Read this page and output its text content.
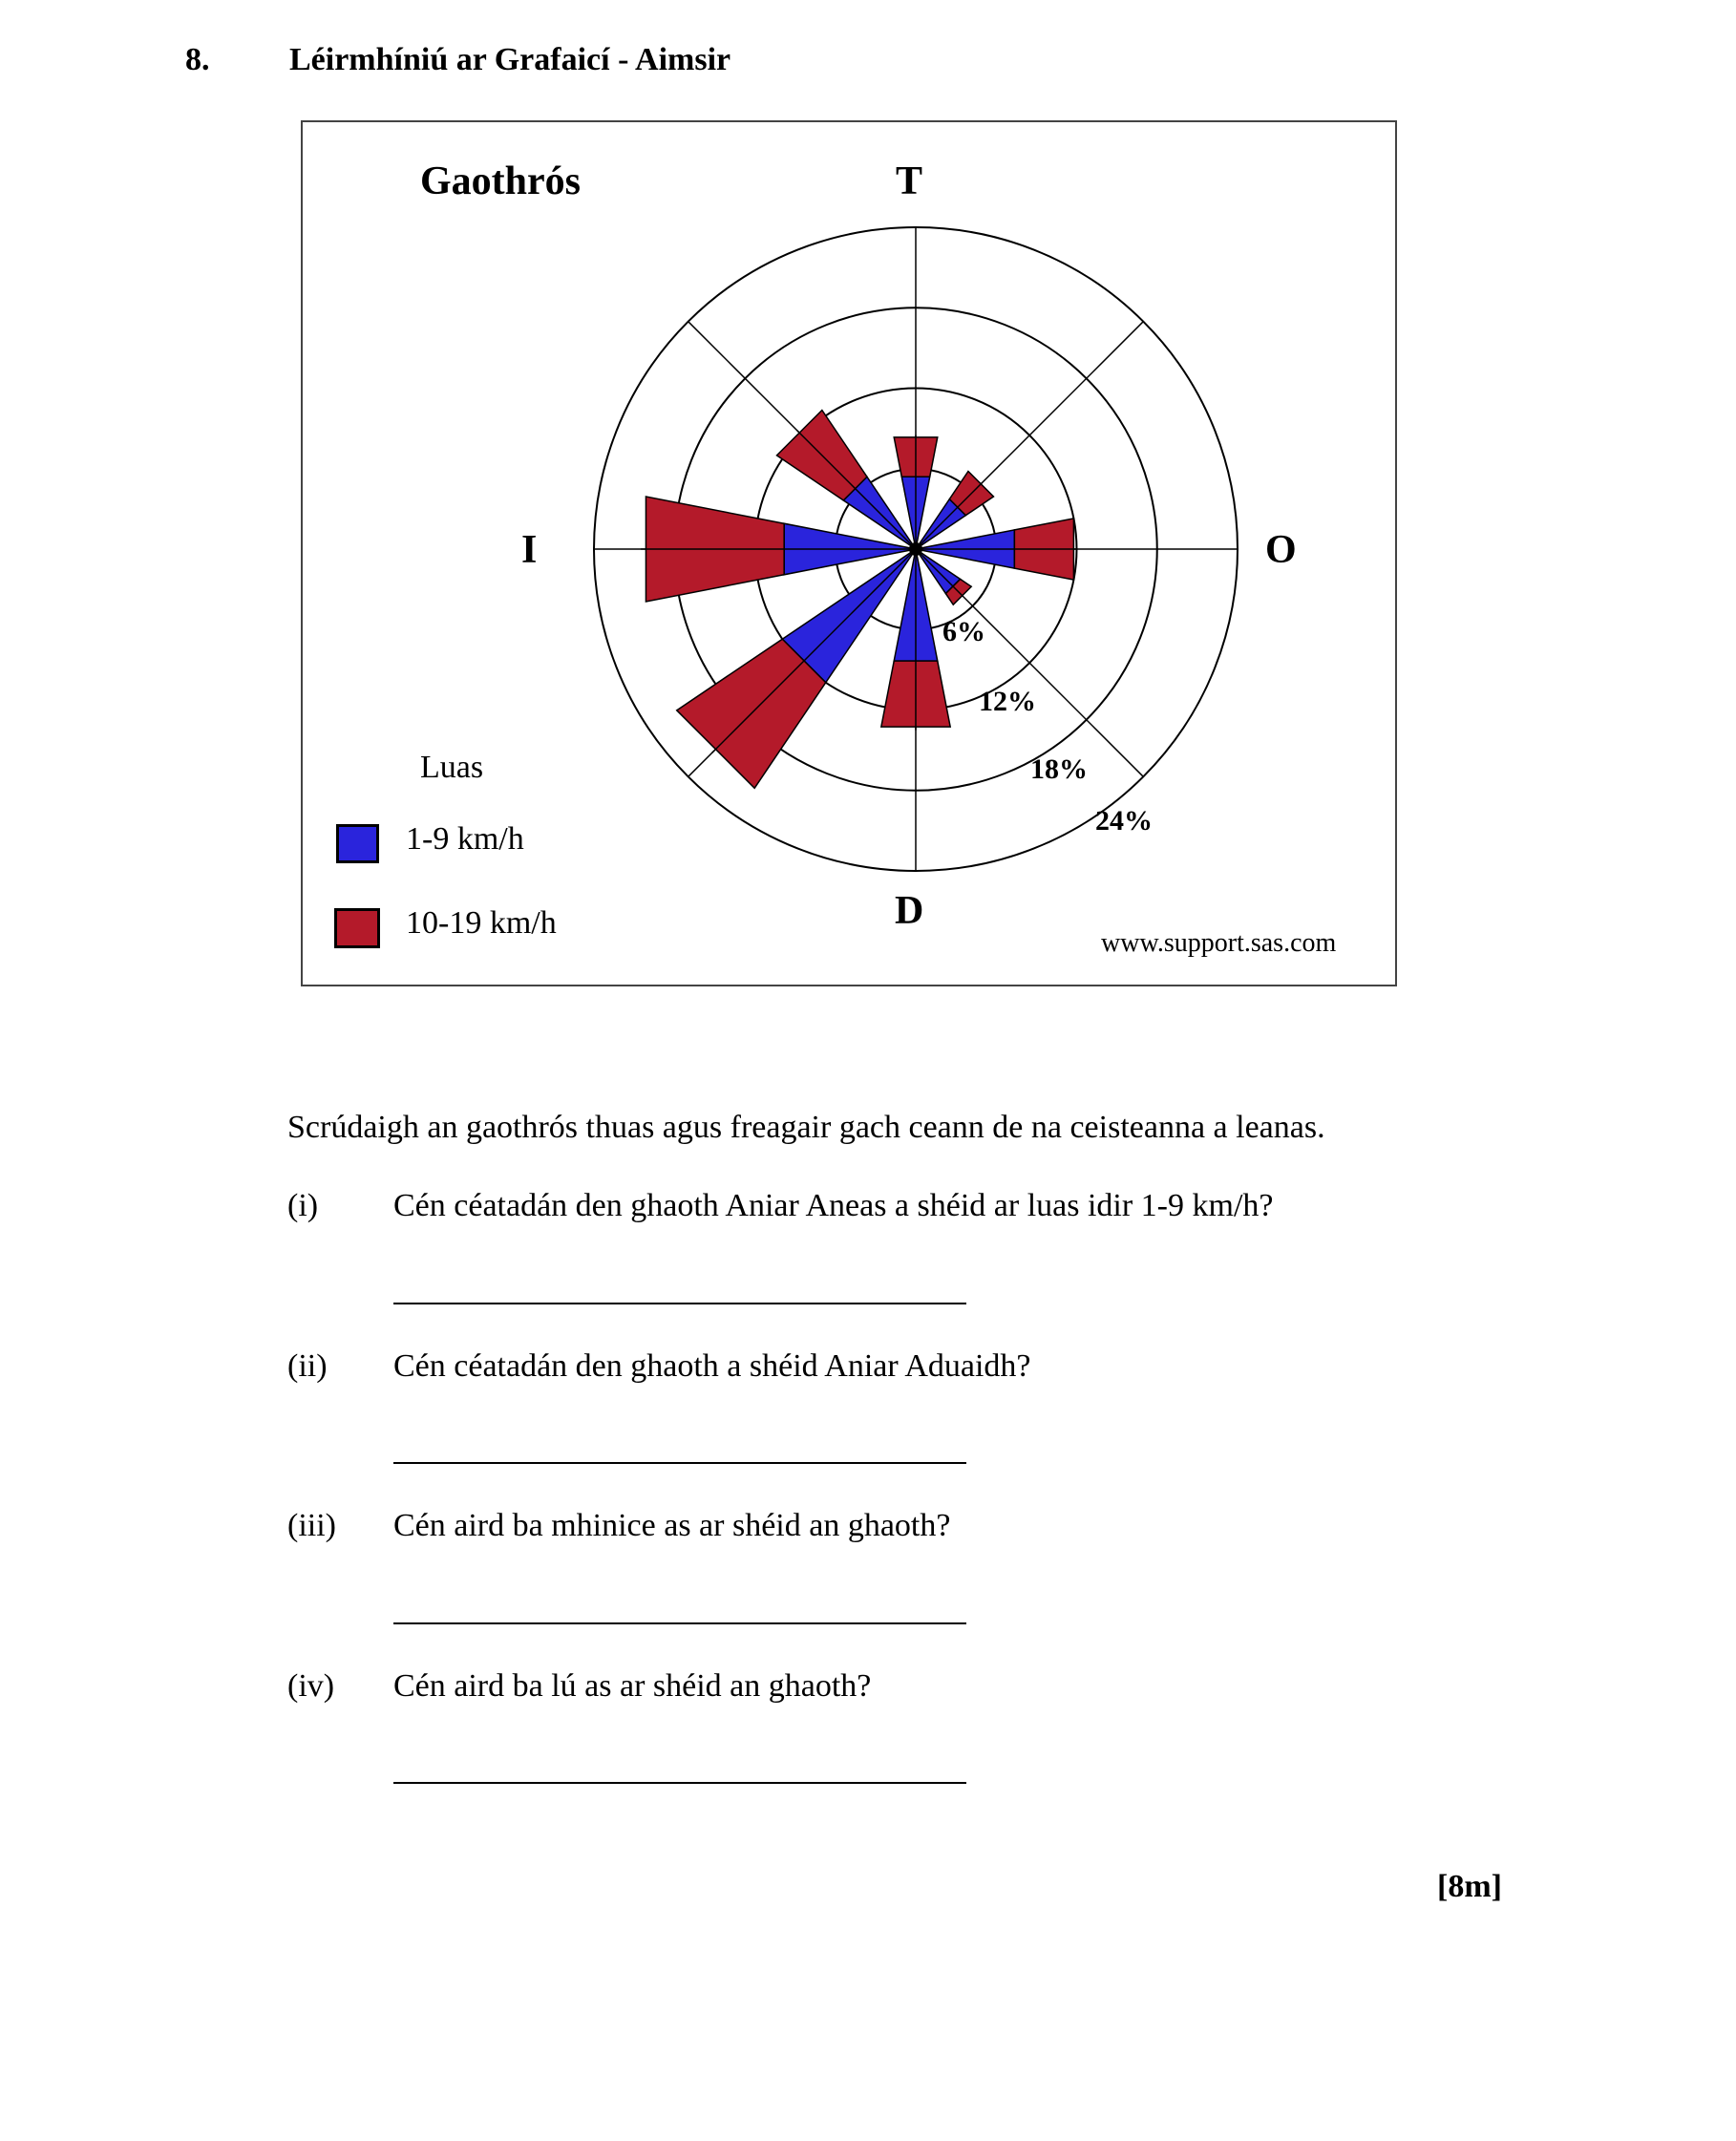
8. Léirmhíniú ar Grafaicí - Aimsir
Gaothrós	T
O
D
I
6%
12%
18%
24%
Luas
1-9 km/h
10-19 km/h
www.support.sas.com
Scrúdaigh an gaothrós thuas agus freagair gach ceann de na ceisteanna a leanas.
(i) Cén céatadán den ghaoth Aniar Aneas a shéid ar luas idir 1-9 km/h?
(ii) Cén céatadán den ghaoth a shéid Aniar Aduaidh?
(iii) Cén aird ba mhinice as ar shéid an ghaoth?
(iv) Cén aird ba lú as ar shéid an ghaoth?
[8m]
